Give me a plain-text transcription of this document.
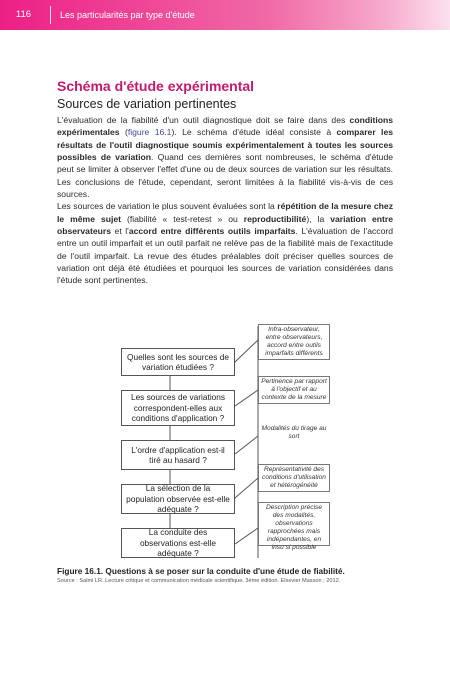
116	Les particularités par type d'étude
Schéma d'étude expérimental
Sources de variation pertinentes

L'évaluation de la fiabilité d'un outil diagnostique doit se faire dans des conditions expérimentales (figure 16.1). Le schéma d'étude idéal consiste à comparer les résultats de l'outil diagnostique soumis expérimentalement à toutes les sources possibles de variation. Quand ces dernières sont nombreuses, le schéma d'étude peut se limiter à observer l'effet d'une ou de deux sources de variation sur les résultats. Les conclusions de l'étude, cependant, seront limitées à la fiabilité vis-à-vis de ces sources.

Les sources de variation le plus souvent évaluées sont la répétition de la mesure chez le même sujet (fiabilité « test-retest » ou reproductibilité), la variation entre observateurs et l'accord entre différents outils imparfaits. L'évaluation de l'accord entre un outil imparfait et un outil parfait ne relève pas de la fiabilité mais de l'exactitude de l'outil imparfait. La revue des études préalables doit préciser quelles sources de variation ont déjà été étudiées et pourquoi les sources de variation considérées dans l'étude sont pertinentes.

Quelles sont les sources de variation étudiées ?
Les sources de variations correspondent-elles aux conditions d'application ?
L'ordre d'application est-il tiré au hasard ?
La sélection de la population observée est-elle adéquate ?
La conduite des observations est-elle adéquate ?
Infra-observateur, entre observateurs, accord entre outils imparfaits différents
Pertinence par rapport à l'objectif et au contexte de la mesure
Modalités du tirage au sort
Représentativité des conditions d'utilisation et hétérogénéité
Description précise des modalités, observations rapprochées mais indépendantes, en insu si possible
Figure 16.1. Questions à se poser sur la conduite d'une étude de fiabilité.
Source : Salmi LR. Lecture critique et communication médicale scientifique. 3ème édition. Elsevier Masson ; 2012.
